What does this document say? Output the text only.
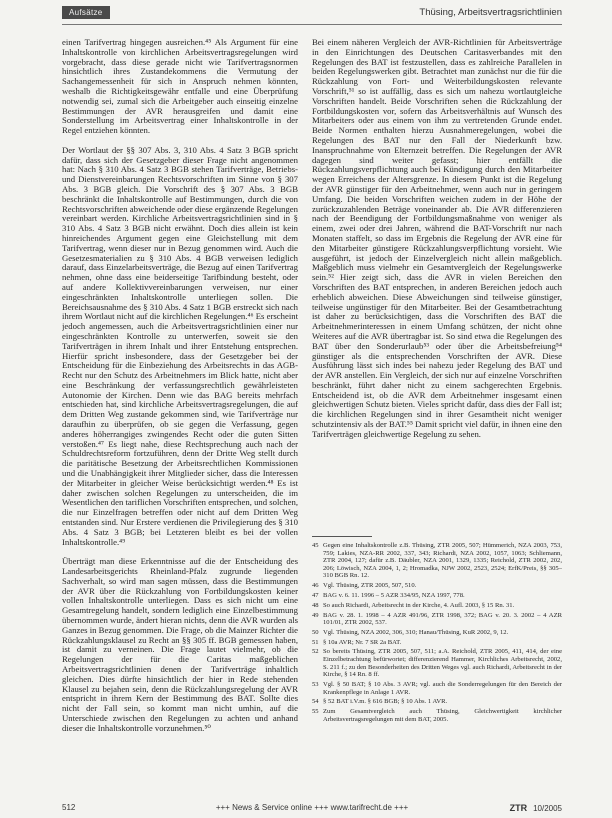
Aufsätze	Thüsing, Arbeitsvertragsrichtlinien

einen Tarifvertrag hingegen ausreichen.⁴⁵ Als Argument für eine Inhaltskontrolle von kirchlichen Arbeitsvertragsregelungen wird vorgebracht, dass diese gerade nicht wie Tarifvertragsnormen hinsichtlich ihres Zustandekommens die Vermutung der Sachangemessenheit für sich in Anspruch nehmen könnten, weshalb die Richtigkeitsgewähr entfalle und eine Überprüfung notwendig sei, zumal sich die Arbeitgeber auch einseitig einzelne Bestimmungen der AVR herausgreifen und damit eine Sonderstellung im Arbeitsvertrag einer Inhaltskontrolle in der Regel entziehen könnten.

Der Wortlaut der §§ 307 Abs. 3, 310 Abs. 4 Satz 3 BGB spricht dafür, dass sich der Gesetzgeber dieser Frage nicht angenommen hat: Nach § 310 Abs. 4 Satz 3 BGB stehen Tarifverträge, Betriebs- und Dienstvereinbarungen Rechtsvorschriften im Sinne von § 307 Abs. 3 BGB gleich. Die Vorschrift des § 307 Abs. 3 BGB beschränkt die Inhaltskontrolle auf Bestimmungen, durch die von Rechtsvorschriften abweichende oder diese ergänzende Regelungen vereinbart werden. Kirchliche Arbeitsvertragsrichtlinien sind in § 310 Abs. 4 Satz 3 BGB nicht erwähnt. Doch dies allein ist kein hinreichendes Argument gegen eine Gleichstellung mit dem Tarifvertrag, wenn dieser nur in Bezug genommen wird. Auch die Gesetzesmaterialien zu § 310 Abs. 4 BGB verweisen lediglich darauf, dass Einzelarbeitsverträge, die Bezug auf einen Tarifvertrag nehmen, ohne dass eine beiderseitige Tarifbindung besteht, oder auf andere Kollektivvereinbarungen verweisen, nur einer eingeschränkten Inhaltskontrolle unterliegen sollen. Die Bereichsausnahme des § 310 Abs. 4 Satz 1 BGB erstreckt sich nach ihrem Wortlaut nicht auf die kirchlichen Regelungen.⁴⁶ Es erscheint jedoch angemessen, auch die Arbeitsvertragsrichtlinien einer nur eingeschränkten Kontrolle zu unterwerfen, soweit sie den Tarifverträgen in ihrem Inhalt und ihrer Entstehung entsprechen. Hierfür spricht insbesondere, dass der Gesetzgeber bei der Entscheidung für die Einbeziehung des Arbeitsrechts in das AGB-Recht nur den Schutz des Arbeitnehmers im Blick hatte, nicht aber eine Beschränkung der verfassungsrechtlich gewährleisteten Autonomie der Kirchen. Denn wie das BAG bereits mehrfach entschieden hat, sind kirchliche Arbeitsvertragsregelungen, die auf dem Dritten Weg zustande gekommen sind, wie Tarifverträge nur daraufhin zu überprüfen, ob sie gegen die Verfassung, gegen anderes höherrangiges zwingendes Recht oder die guten Sitten verstoßen.⁴⁷ Es liegt nahe, diese Rechtsprechung auch nach der Schuldrechtsreform fortzuführen, denn der Dritte Weg stellt durch die paritätische Besetzung der Arbeitsrechtlichen Kommissionen und die Unabhängigkeit ihrer Mitglieder sicher, dass die Interessen der Mitarbeiter in gleicher Weise berücksichtigt werden.⁴⁸ Es ist daher zwischen solchen Regelungen zu unterscheiden, die im Wesentlichen den tariflichen Vorschriften entsprechen, und solchen, die nur Einzelfragen betreffen oder nicht auf dem Dritten Weg entstanden sind. Nur Erstere verdienen die Privilegierung des § 310 Abs. 4 Satz 3 BGB; bei Letzteren bleibt es bei der vollen Inhaltskontrolle.⁴⁹

Überträgt man diese Erkenntnisse auf die der Entscheidung des Landesarbeitsgerichts Rheinland-Pfalz zugrunde liegenden Sachverhalt, so wird man sagen müssen, dass die Bestimmungen der AVR über die Rückzahlung von Fortbildungskosten keiner vollen Inhaltskontrolle unterliegen. Dass es sich nicht um eine Gesamtregelung handelt, sondern lediglich eine Einzelbestimmung übernommen wurde, ändert hieran nichts, denn die AVR wurden als Ganzes in Bezug genommen. Die Frage, ob die Mainzer Richter die Rückzahlungsklausel zu Recht an §§ 305 ff. BGB gemessen haben, ist damit zu verneinen. Die Frage lautet vielmehr, ob die Regelungen der für die Caritas maßgeblichen Arbeitsvertragsrichtlinien denen der Tarifverträge inhaltlich gleichen. Dies dürfte hinsichtlich der hier in Rede stehenden Klausel zu bejahen sein, denn die Rückzahlungsregelung der AVR entspricht in ihrem Kern der Bestimmung des BAT. Sollte dies nicht der Fall sein, so kommt man nicht umhin, auf die Unterschiede zwischen den Regelungen zu achten und anhand dieser die Inhaltskontrolle vorzunehmen.⁵⁰

Bei einem näheren Vergleich der AVR-Richtlinien für Arbeitsverträge in den Einrichtungen des Deutschen Caritasverbandes mit den Regelungen des BAT ist festzustellen, dass es zahlreiche Parallelen in beiden Regelungswerken gibt. Betrachtet man zunächst nur die für die Rückzahlung von Fort- und Weiterbildungskosten relevante Vorschrift,⁵¹ so ist auffällig, dass es sich um nahezu wortlautgleiche Vorschriften handelt. Beide Vorschriften sehen die Rückzahlung der Fortbildungskosten vor, sofern das Arbeitsverhältnis auf Wunsch des Mitarbeiters oder aus einem von ihm zu vertretenden Grunde endet. Beide Normen enthalten hierzu Ausnahmeregelungen, wobei die Regelungen des BAT nur den Fall der Niederkunft bzw. Inanspruchnahme von Elternzeit betreffen. Die Regelungen der AVR dagegen sind weiter gefasst; hier entfällt die Rückzahlungsverpflichtung auch bei Kündigung durch den Mitarbeiter wegen Erreichens der Altersgrenze. In diesem Punkt ist die Regelung der AVR günstiger für den Arbeitnehmer, wenn auch nur in geringem Umfang. Die beiden Vorschriften weichen zudem in der Höhe der zurückzuzahlenden Beträge voneinander ab. Die AVR differenzieren nach der Beendigung der Fortbildungsmaßnahme von weniger als einem, zwei oder drei Jahren, während die BAT-Vorschrift nur nach Monaten staffelt, so dass im Ergebnis die Regelung der AVR eine für den Mitarbeiter günstigere Rückzahlungsverpflichtung vorsieht. Wie ausgeführt, ist jedoch der Einzelvergleich nicht allein maßgeblich. Maßgeblich muss vielmehr ein Gesamtvergleich der Regelungswerke sein.⁵² Hier zeigt sich, dass die AVR in vielen Bereichen den Vorschriften des BAT entsprechen, in anderen Bereichen jedoch auch erheblich abweichen. Diese Abweichungen sind teilweise günstiger, teilweise ungünstiger für den Mitarbeiter. Bei der Gesamtbetrachtung ist daher zu berücksichtigen, dass die Vorschriften des BAT die Arbeitnehmerinteressen in einem Umfang schützen, der nicht ohne Weiteres auf die AVR übertragbar ist. So sind etwa die Regelungen des BAT über den Sonderurlaub⁵³ oder über die Arbeitsbefreiung⁵⁴ günstiger als die entsprechenden Vorschriften der AVR. Diese Ausführung lässt sich indes bei nahezu jeder Regelung des BAT und der AVR anstellen. Ein Vergleich, der sich nur auf einzelne Vorschriften beschränkt, führt daher nicht zu einem sachgerechten Ergebnis. Entscheidend ist, ob die AVR dem Arbeitnehmer insgesamt einen gleichwertigen Schutz bieten. Vieles spricht dafür, dass dies der Fall ist; die kirchlichen Regelungen sind in ihrer Gesamtheit nicht weniger schutzintensiv als der BAT.⁵⁵ Damit spricht viel dafür, in ihnen eine den Tarifverträgen gleichwertige Regelung zu sehen.

45 Gegen eine Inhaltskontrolle z.B. Thüsing, ZTR 2005, 507; Hümmerich, NZA 2003, 753, 759; Lakies, NZA-RR 2002, 337, 343; Richardi, NZA 2002, 1057, 1063; Schliemann, ZTR 2004, 127; dafür z.B. Däubler, NZA 2001, 1329, 1335; Reichold, ZTR 2002, 202, 206; Löwisch, NZA 2004, 1, 2; Hromadka, NJW 2002, 2523, 2524; ErfK/Preis, §§ 305–310 BGB Rn. 12.
46 Vgl. Thüsing, ZTR 2005, 507, 510.
47 BAG v. 6. 11. 1996 – 5 AZR 334/95, NZA 1997, 778.
48 So auch Richardi, Arbeitsrecht in der Kirche, 4. Aufl. 2003, § 15 Rn. 31.
49 BAG v. 28. 1. 1998 – 4 AZR 491/96, ZTR 1998, 372; BAG v. 20. 3. 2002 – 4 AZR 101/01, ZTR 2002, 537.
50 Vgl. Thüsing, NZA 2002, 306, 310; Hanau/Thüsing, KuR 2002, 9, 12.
51 § 10a AVR; Nr. 7 SR 2a BAT.
52 So bereits Thüsing, ZTR 2005, 507, 511; a.A. Reichold, ZTR 2005, 411, 414, der eine Einzelbetrachtung befürwortet; differenzierend Hammer, Kirchliches Arbeitsrecht, 2002, S. 211 f.; zu den Besonderheiten des Dritten Weges vgl. auch Richardi, Arbeitsrecht in der Kirche, § 14 Rn. 8 ff.
53 Vgl. § 50 BAT; § 10 Abs. 3 AVR; vgl. auch die Sonderregelungen für den Bereich der Krankenpflege in Anlage 1 AVR.
54 § 52 BAT i.V.m. § 616 BGB; § 10 Abs. 1 AVR.
55 Zum Gesamtvergleich auch Thüsing, Gleichwertigkeit kirchlicher Arbeitsvertragsregelungen mit dem BAT, 2005.
512	+++ News & Service online +++ www.tarifrecht.de +++	ZTR 10/2005
